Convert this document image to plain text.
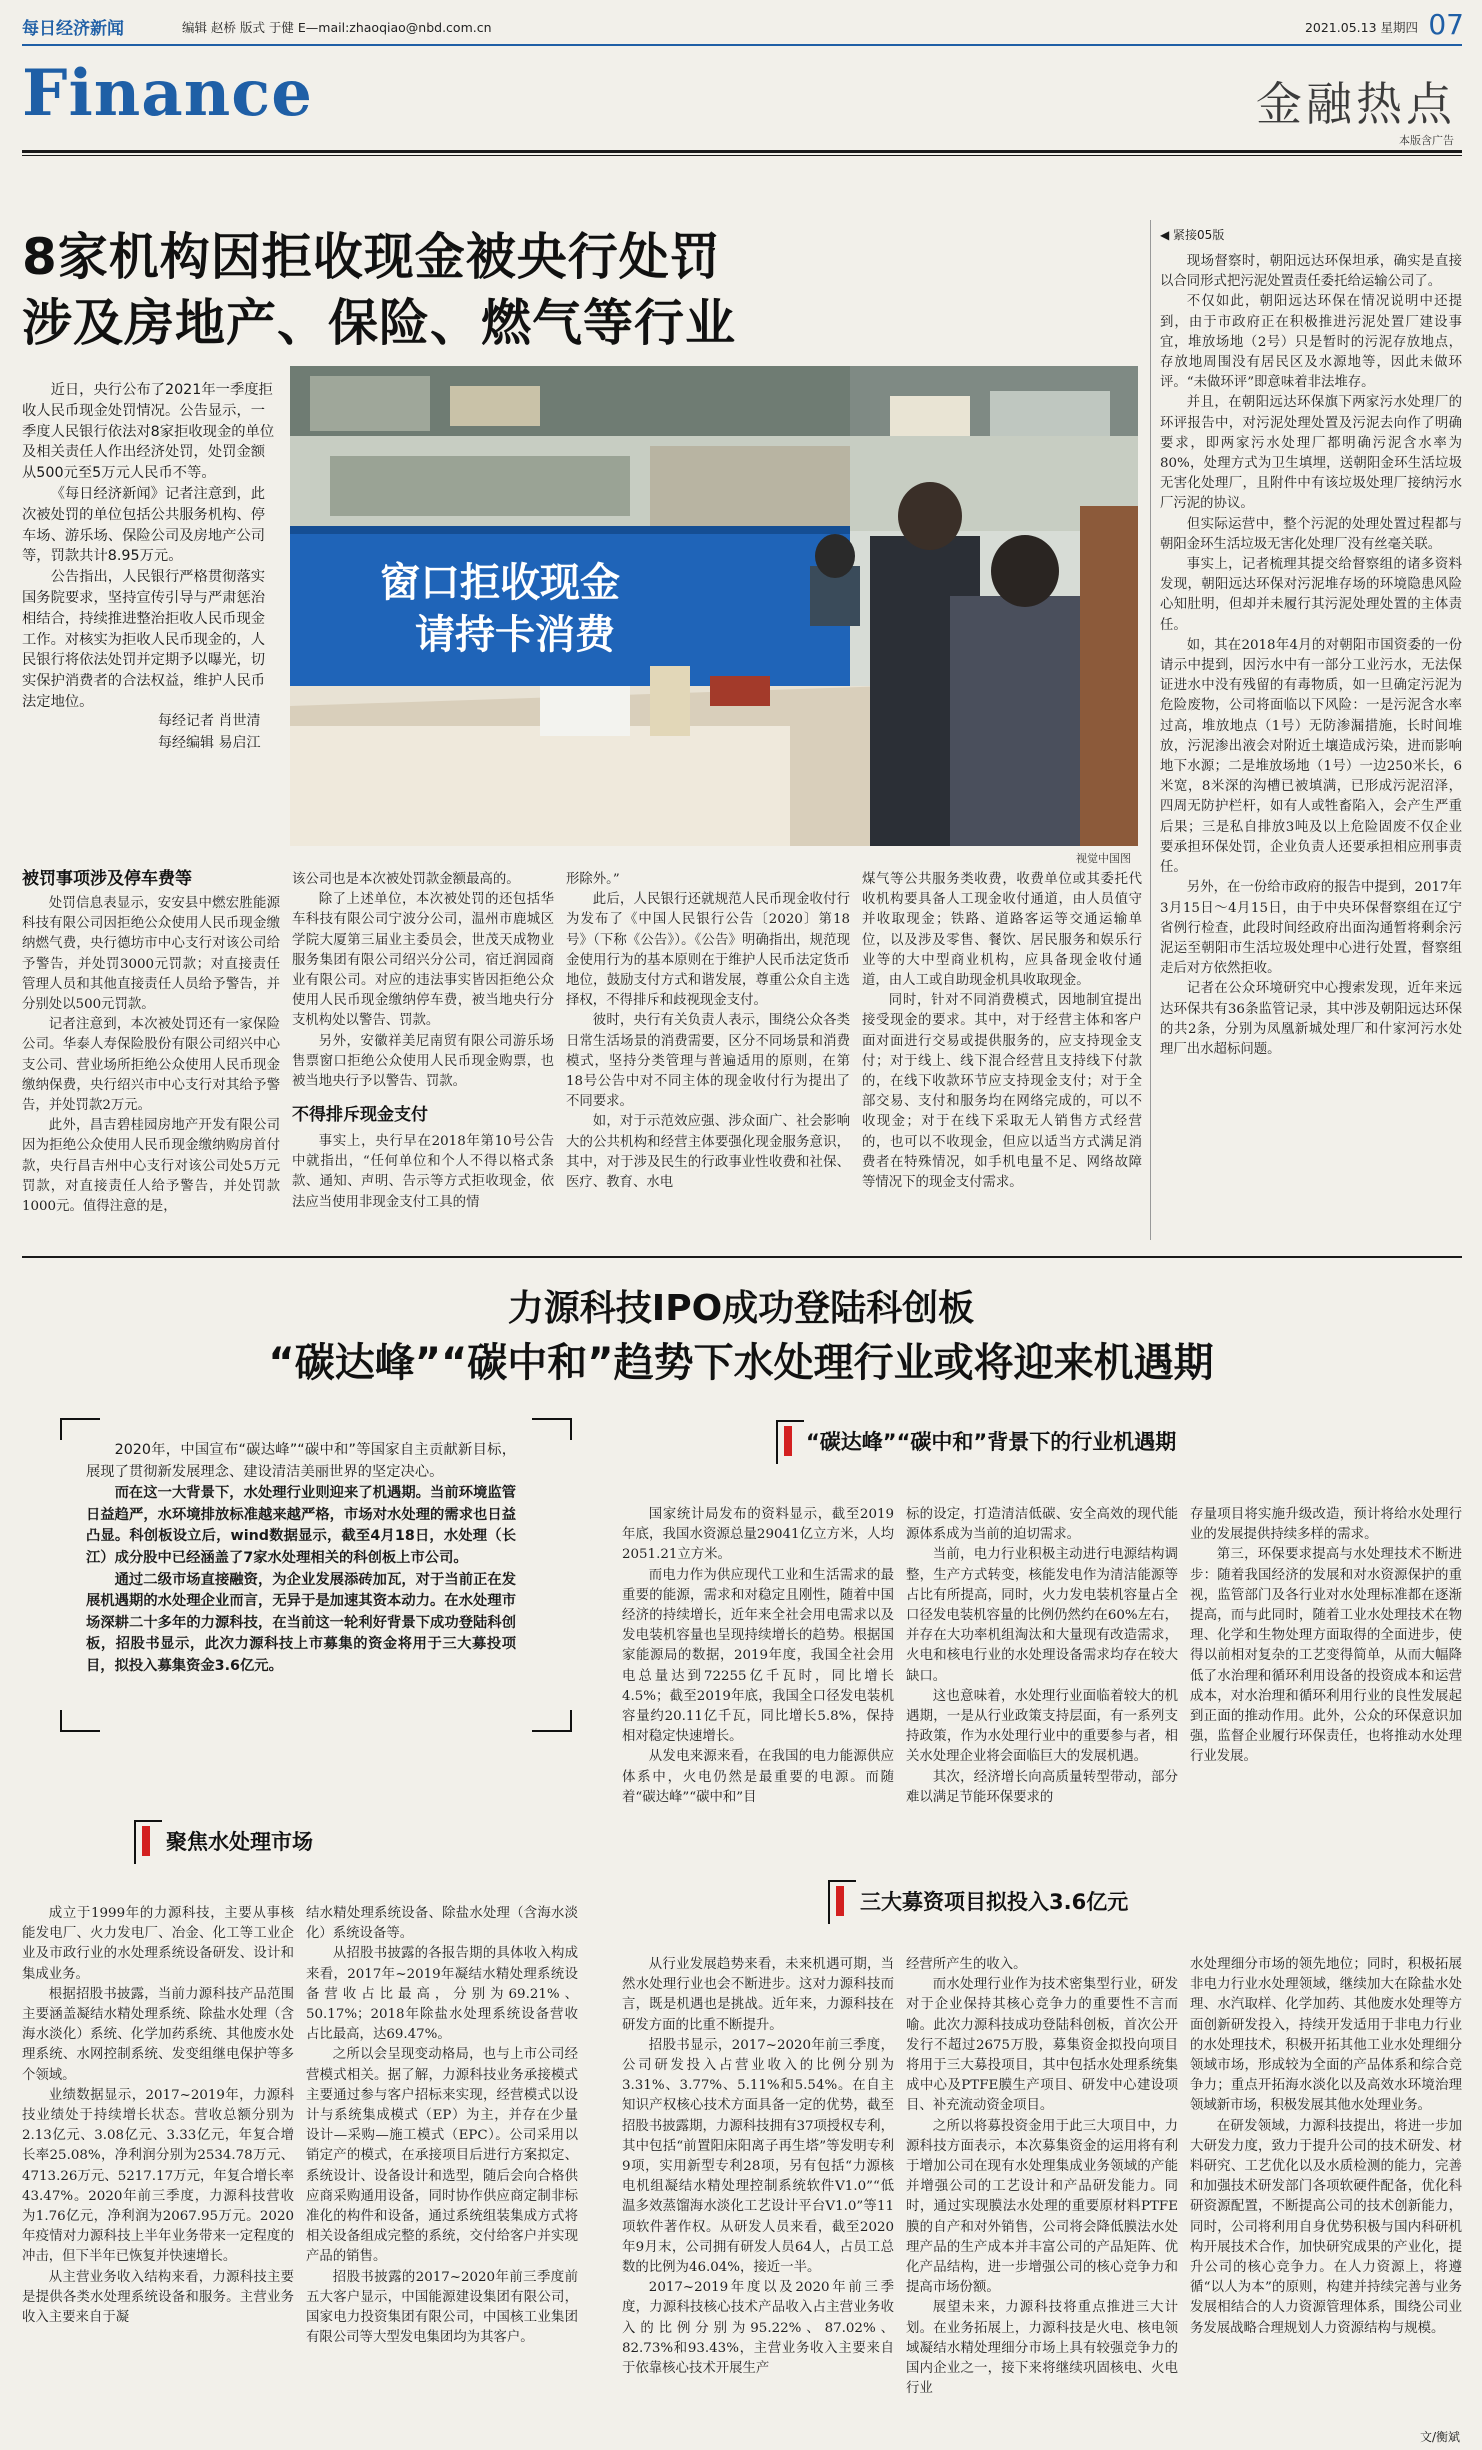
每日经济新闻	编辑 赵桥 版式 于健 E—mail:zhaoqiao@nbd.com.cn	2021.05.13 星期四 07
Finance	金融热点
本版含广告
8家机构因拒收现金被央行处罚
涉及房地产、保险、燃气等行业

近日，央行公布了2021年一季度拒收人民币现金处罚情况。公告显示，一季度人民银行依法对8家拒收现金的单位及相关责任人作出经济处罚，处罚金额从500元至5万元人民币不等。

《每日经济新闻》记者注意到，此次被处罚的单位包括公共服务机构、停车场、游乐场、保险公司及房地产公司等，罚款共计8.95万元。

公告指出，人民银行严格贯彻落实国务院要求，坚持宣传引导与严肃惩治相结合，持续推进整治拒收人民币现金工作。对核实为拒收人民币现金的，人民银行将依法处罚并定期予以曝光，切实保护消费者的合法权益，维护人民币法定地位。

每经记者 肖世清
每经编辑 易启江
窗口拒收现金
请持卡消费
视觉中国图
被罚事项涉及停车费等

处罚信息表显示，安安县中燃宏胜能源科技有限公司因拒绝公众使用人民币现金缴纳燃气费，央行德坊市中心支行对该公司给予警告，并处罚3000元罚款；对直接责任管理人员和其他直接责任人员给予警告，并分别处以500元罚款。

记者注意到，本次被处罚还有一家保险公司。华泰人寿保险股份有限公司绍兴中心支公司、营业场所拒绝公众使用人民币现金缴纳保费，央行绍兴市中心支行对其给予警告，并处罚款2万元。

此外，昌吉碧桂园房地产开发有限公司因为拒绝公众使用人民币现金缴纳购房首付款，央行昌吉州中心支行对该公司处5万元罚款，对直接责任人给予警告，并处罚款1000元。值得注意的是，

该公司也是本次被处罚款金额最高的。

除了上述单位，本次被处罚的还包括华车科技有限公司宁波分公司，温州市鹿城区学院大厦第三届业主委员会，世茂天成物业服务集团有限公司绍兴分公司，宿迁润园商业有限公司。对应的违法事实皆因拒绝公众使用人民币现金缴纳停车费，被当地央行分支机构处以警告、罚款。

另外，安徽祥美尼南贸有限公司游乐场售票窗口拒绝公众使用人民币现金购票，也被当地央行予以警告、罚款。

不得排斥现金支付

事实上，央行早在2018年第10号公告中就指出，“任何单位和个人不得以格式条款、通知、声明、告示等方式拒收现金，依法应当使用非现金支付工具的情

形除外。”

此后，人民银行还就规范人民币现金收付行为发布了《中国人民银行公告〔2020〕第18号》（下称《公告》）。《公告》明确指出，规范现金使用行为的基本原则在于维护人民币法定货币地位，鼓励支付方式和谐发展，尊重公众自主选择权，不得排斥和歧视现金支付。

彼时，央行有关负责人表示，围绕公众各类日常生活场景的消费需要，区分不同场景和消费模式，坚持分类管理与普遍适用的原则，在第18号公告中对不同主体的现金收付行为提出了不同要求。

如，对于示范效应强、涉众面广、社会影响大的公共机构和经营主体要强化现金服务意识，其中，对于涉及民生的行政事业性收费和社保、医疗、教育、水电

煤气等公共服务类收费，收费单位或其委托代收机构要具备人工现金收付通道，由人员值守并收取现金；铁路、道路客运等交通运输单位，以及涉及零售、餐饮、居民服务和娱乐行业等的大中型商业机构，应具备现金收付通道，由人工或自助现金机具收取现金。

同时，针对不同消费模式，因地制宜提出接受现金的要求。其中，对于经营主体和客户面对面进行交易或提供服务的，应支持现金支付；对于线上、线下混合经营且支持线下付款的，在线下收款环节应支持现金支付；对于全部交易、支付和服务均在网络完成的，可以不收现金；对于在线下采取无人销售方式经营的，也可以不收现金，但应以适当方式满足消费者在特殊情况，如手机电量不足、网络故障等情况下的现金支付需求。

◀ 紧接05版

现场督察时，朝阳远达环保坦承，确实是直接以合同形式把污泥处置责任委托给运输公司了。

不仅如此，朝阳远达环保在情况说明中还提到，由于市政府正在积极推进污泥处置厂建设事宜，堆放场地（2号）只是暂时的污泥存放地点，存放地周围没有居民区及水源地等，因此未做环评。“未做环评”即意味着非法堆存。

并且，在朝阳远达环保旗下两家污水处理厂的环评报告中，对污泥处理处置及污泥去向作了明确要求，即两家污水处理厂都明确污泥含水率为80%，处理方式为卫生填埋，送朝阳金环生活垃圾无害化处理厂，且附件中有该垃圾处理厂接纳污水厂污泥的协议。

但实际运营中，整个污泥的处理处置过程都与朝阳金环生活垃圾无害化处理厂没有丝毫关联。

事实上，记者梳理其提交给督察组的诸多资料发现，朝阳远达环保对污泥堆存场的环境隐患风险心知肚明，但却并未履行其污泥处理处置的主体责任。

如，其在2018年4月的对朝阳市国资委的一份请示中提到，因污水中有一部分工业污水，无法保证进水中没有残留的有毒物质，如一旦确定污泥为危险废物，公司将面临以下风险：一是污泥含水率过高，堆放地点（1号）无防渗漏措施，长时间堆放，污泥渗出液会对附近土壤造成污染，进而影响地下水源；二是堆放场地（1号）一边250米长，6米宽，8米深的沟槽已被填满，已形成污泥沼泽，四周无防护栏杆，如有人或牲畜陷入，会产生严重后果；三是私自排放3吨及以上危险固废不仅企业要承担环保处罚，企业负责人还要承担相应刑事责任。

另外，在一份给市政府的报告中提到，2017年3月15日～4月15日，由于中央环保督察组在辽宁省例行检查，此段时间经政府出面沟通暂将剩余污泥运至朝阳市生活垃圾处理中心进行处置，督察组走后对方依然拒收。

记者在公众环境研究中心搜索发现，近年来远达环保共有36条监管记录，其中涉及朝阳远达环保的共2条，分别为凤凰新城处理厂和什家河污水处理厂出水超标问题。

力源科技IPO成功登陆科创板
“碳达峰”“碳中和”趋势下水处理行业或将迎来机遇期

2020年，中国宣布“碳达峰”“碳中和”等国家自主贡献新目标，展现了贯彻新发展理念、建设清洁美丽世界的坚定决心。

而在这一大背景下，水处理行业则迎来了机遇期。当前环境监管日益趋严，水环境排放标准越来越严格，市场对水处理的需求也日益凸显。科创板设立后，wind数据显示，截至4月18日，水处理（长江）成分股中已经涵盖了7家水处理相关的科创板上市公司。

通过二级市场直接融资，为企业发展添砖加瓦，对于当前正在发展机遇期的水处理企业而言，无异于是加速其资本动力。在水处理市场深耕二十多年的力源科技，在当前这一轮利好背景下成功登陆科创板，招股书显示，此次力源科技上市募集的资金将用于三大募投项目，拟投入募集资金3.6亿元。

“碳达峰”“碳中和”背景下的行业机遇期

国家统计局发布的资料显示，截至2019年底，我国水资源总量29041亿立方米，人均2051.21立方米。

而电力作为供应现代工业和生活需求的最重要的能源，需求和对稳定且刚性，随着中国经济的持续增长，近年来全社会用电需求以及发电装机容量也呈现持续增长的趋势。根据国家能源局的数据，2019年度，我国全社会用电总量达到72255亿千瓦时，同比增长4.5%；截至2019年底，我国全口径发电装机容量约20.11亿千瓦，同比增长5.8%，保持相对稳定快速增长。

从发电来源来看，在我国的电力能源供应体系中，火电仍然是最重要的电源。而随着“碳达峰”“碳中和”目

标的设定，打造清洁低碳、安全高效的现代能源体系成为当前的迫切需求。

当前，电力行业积极主动进行电源结构调整，生产方式转变，核能发电作为清洁能源等占比有所提高，同时，火力发电装机容量占全口径发电装机容量的比例仍然约在60%左右，并存在大功率机组淘汰和大量现有改造需求，火电和核电行业的水处理设备需求均存在较大缺口。

这也意味着，水处理行业面临着较大的机遇期，一是从行业政策支持层面，有一系列支持政策，作为水处理行业中的重要参与者，相关水处理企业将会面临巨大的发展机遇。

其次，经济增长向高质量转型带动，部分难以满足节能环保要求的

存量项目将实施升级改造，预计将给水处理行业的发展提供持续多样的需求。

第三，环保要求提高与水处理技术不断进步：随着我国经济的发展和对水资源保护的重视，监管部门及各行业对水处理标准都在逐渐提高，而与此同时，随着工业水处理技术在物理、化学和生物处理方面取得的全面进步，使得以前相对复杂的工艺变得简单，从而大幅降低了水治理和循环利用设备的投资成本和运营成本，对水治理和循环利用行业的良性发展起到正面的推动作用。此外，公众的环保意识加强，监督企业履行环保责任，也将推动水处理行业发展。

聚焦水处理市场
三大募资项目拟投入3.6亿元

成立于1999年的力源科技，主要从事核能发电厂、火力发电厂、冶金、化工等工业企业及市政行业的水处理系统设备研发、设计和集成业务。

根据招股书披露，当前力源科技产品范围主要涵盖凝结水精处理系统、除盐水处理（含海水淡化）系统、化学加药系统、其他废水处理系统、水网控制系统、发变组继电保护等多个领域。

业绩数据显示，2017~2019年，力源科技业绩处于持续增长状态。营收总额分别为2.13亿元、3.08亿元、3.33亿元，年复合增长率25.08%，净利润分别为2534.78万元、4713.26万元、5217.17万元，年复合增长率43.47%。2020年前三季度，力源科技营收为1.76亿元，净利润为2067.95万元。2020年疫情对力源科技上半年业务带来一定程度的冲击，但下半年已恢复并快速增长。

从主营业务收入结构来看，力源科技主要是提供各类水处理系统设备和服务。主营业务收入主要来自于凝

结水精处理系统设备、除盐水处理（含海水淡化）系统设备等。

从招股书披露的各报告期的具体收入构成来看，2017年~2019年凝结水精处理系统设备营收占比最高，分别为69.21%、50.17%；2018年除盐水处理系统设备营收占比最高，达69.47%。

之所以会呈现变动格局，也与上市公司经营模式相关。据了解，力源科技业务承接模式主要通过参与客户招标来实现，经营模式以设计与系统集成模式（EP）为主，并存在少量设计—采购—施工模式（EPC）。公司采用以销定产的模式，在承接项目后进行方案拟定、系统设计、设备设计和选型，随后会向合格供应商采购通用设备，同时协作供应商定制非标准化的构件和设备，通过系统组装集成方式将相关设备组成完整的系统，交付给客户并实现产品的销售。

招股书披露的2017~2020年前三季度前五大客户显示，中国能源建设集团有限公司，国家电力投资集团有限公司，中国核工业集团有限公司等大型发电集团均为其客户。

从行业发展趋势来看，未来机遇可期，当然水处理行业也会不断进步。这对力源科技而言，既是机遇也是挑战。近年来，力源科技在研发方面的比重不断提升。

招股书显示，2017~2020年前三季度，公司研发投入占营业收入的比例分别为3.31%、3.77%、5.11%和5.54%。在自主知识产权核心技术方面具备一定的优势，截至招股书披露期，力源科技拥有37项授权专利，其中包括“前置阳床阳离子再生塔”等发明专利9项，实用新型专利28项，另有包括“力源核电机组凝结水精处理控制系统软件V1.0”“低温多效蒸馏海水淡化工艺设计平台V1.0”等11项软件著作权。从研发人员来看，截至2020年9月末，公司拥有研发人员64人，占员工总数的比例为46.04%，接近一半。

2017~2019年度以及2020年前三季度，力源科技核心技术产品收入占主营业务收入的比例分别为95.22%、87.02%、82.73%和93.43%，主营业务收入主要来自于依靠核心技术开展生产

经营所产生的收入。

而水处理行业作为技术密集型行业，研发对于企业保持其核心竞争力的重要性不言而喻。此次力源科技成功登陆科创板，首次公开发行不超过2675万股，募集资金拟投向项目将用于三大募投项目，其中包括水处理系统集成中心及PTFE膜生产项目、研发中心建设项目、补充流动资金项目。

之所以将募投资金用于此三大项目中，力源科技方面表示，本次募集资金的运用将有利于增加公司在现有水处理集成业务领域的产能并增强公司的工艺设计和产品研发能力。同时，通过实现膜法水处理的重要原材料PTFE膜的自产和对外销售，公司将会降低膜法水处理产品的生产成本并丰富公司的产品矩阵、优化产品结构，进一步增强公司的核心竞争力和提高市场份额。

展望未来，力源科技将重点推进三大计划。在业务拓展上，力源科技是火电、核电领域凝结水精处理细分市场上具有较强竞争力的国内企业之一，接下来将继续巩固核电、火电行业

水处理细分市场的领先地位；同时，积极拓展非电力行业水处理领域，继续加大在除盐水处理、水汽取样、化学加药、其他废水处理等方面创新研发投入，持续开发适用于非电力行业的水处理技术，积极开拓其他工业水处理细分领域市场，形成较为全面的产品体系和综合竞争力；重点开拓海水淡化以及高效水环境治理领域新市场，积极发展其他水处理业务。

在研发领域，力源科技提出，将进一步加大研发力度，致力于提升公司的技术研发、材料研究、工艺优化以及水质检测的能力，完善和加强技术研发部门各项软硬件配备，优化科研资源配置，不断提高公司的技术创新能力，同时，公司将利用自身优势积极与国内科研机构开展技术合作，加快研究成果的产业化，提升公司的核心竞争力。在人力资源上，将遵循“以人为本”的原则，构建并持续完善与业务发展相结合的人力资源管理体系，围绕公司业务发展战略合理规划人力资源结构与规模。

文/衡斌
